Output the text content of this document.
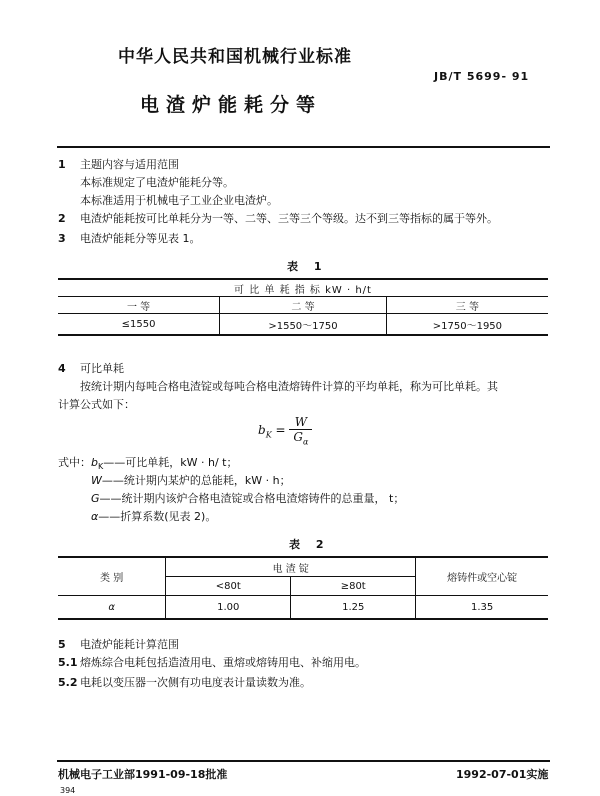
中华人民共和国机械行业标准
JB/T 5699- 91
电渣炉能耗分等
1 主题内容与适用范围
本标准规定了电渣炉能耗分等。
本标准适用于机械电子工业企业电渣炉。
2 电渣炉能耗按可比单耗分为一等、二等、三等三个等级。达不到三等指标的属于等外。
3 电渣炉能耗分等见表 1。
表 1
可 比 单 耗 指 标 kW · h/t		
一 等	二 等	三 等
≤1550	>1550～1750	>1750～1950
4 可比单耗
按统计期内每吨合格电渣锭或每吨合格电渣熔铸件计算的平均单耗，称为可比单耗。其
计算公式如下：
$b_K = \frac{W}{G_\alpha}$
式中：$b_K——$可比单耗，kW · h/ t；
W——统计期内某炉的总能耗，kW · h；
G——统计期内该炉合格电渣锭或合格电渣熔铸件的总重量， t；
α——折算系数(见表 2)。
表 2
类 别	电 渣 锭		熔铸件或空心锭
	<80t	≥80t	
α	1.00	1.25	1.35
5 电渣炉能耗计算范围
5.1 熔炼综合电耗包括造渣用电、重熔或熔铸用电、补缩用电。
5.2 电耗以变压器一次侧有功电度表计量读数为准。
机械电子工业部1991-09-18批准	1992-07-01实施
394
